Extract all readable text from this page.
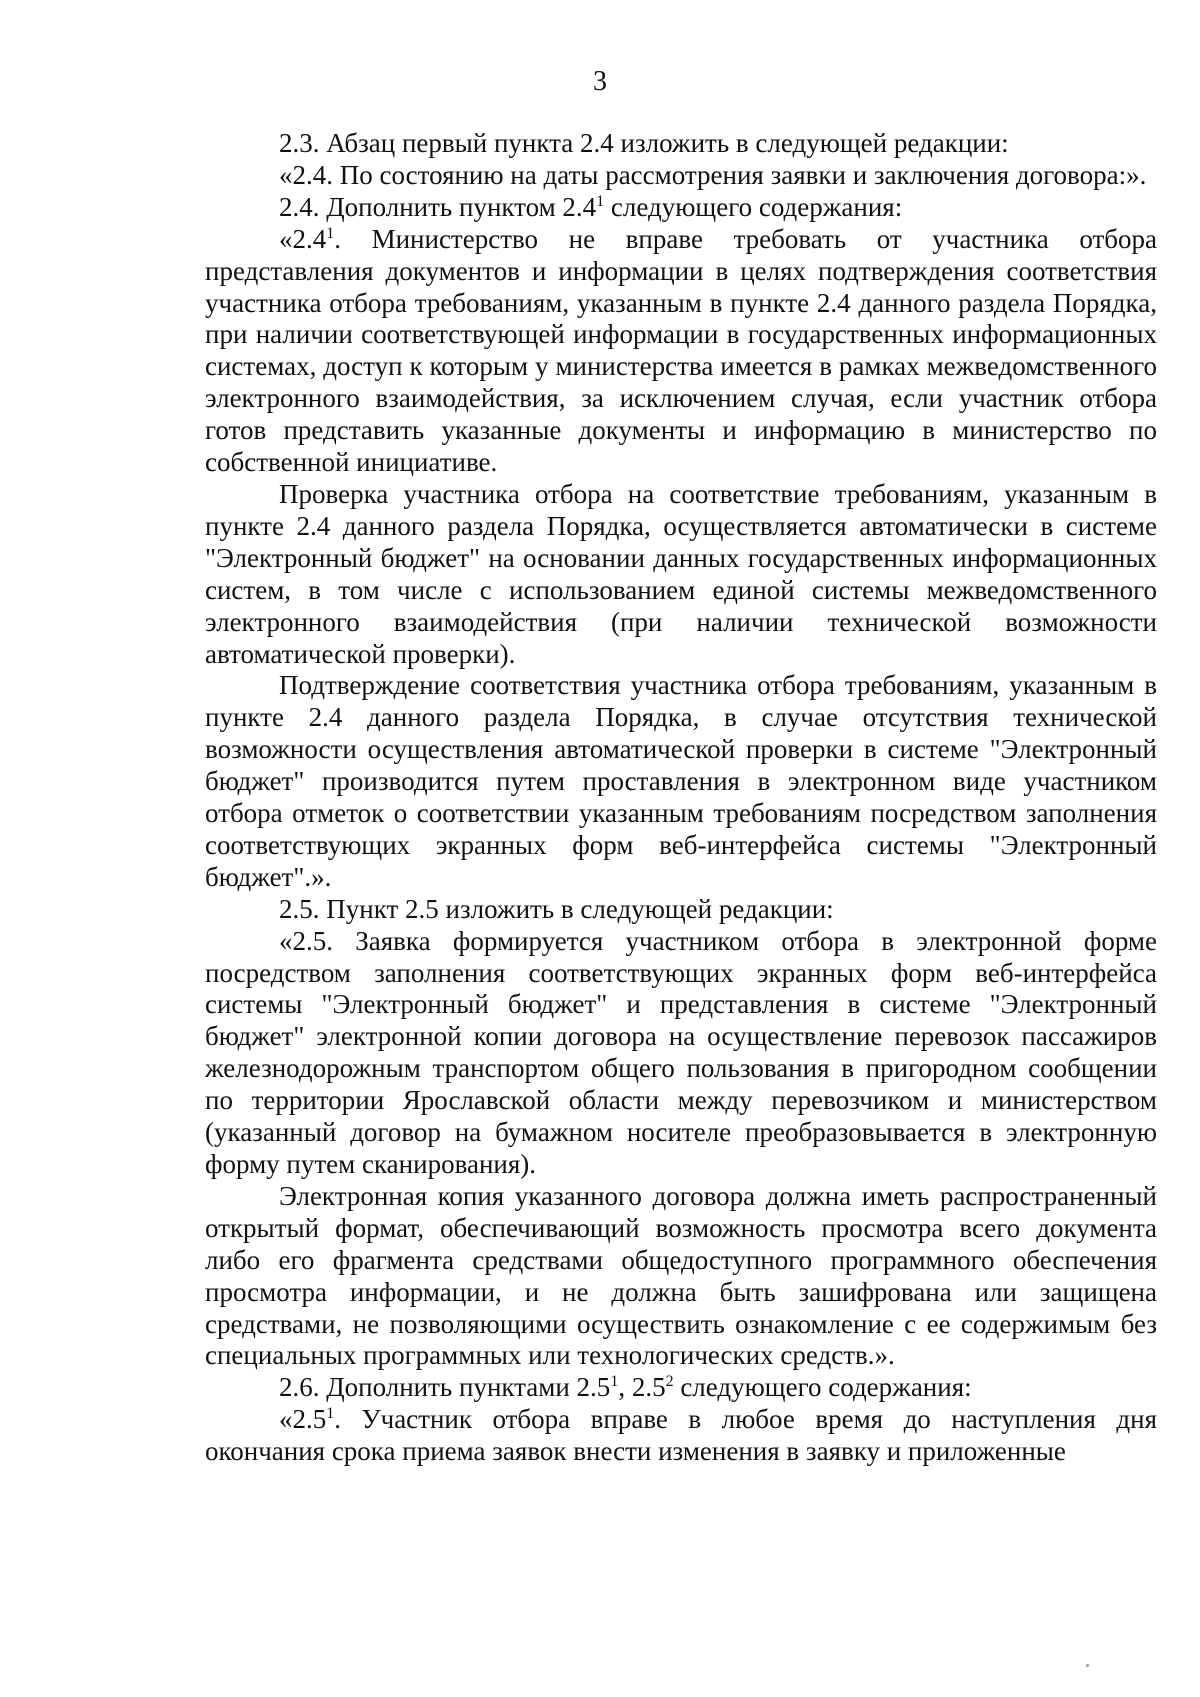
3

2.3. Абзац первый пункта 2.4 изложить в следующей редакции:

«2.4. По состоянию на даты рассмотрения заявки и заключения договора:».

2.4. Дополнить пунктом $2.4^1$ следующего содержания:

«$2.4^1$. Министерство не вправе требовать от участника отбора представления документов и информации в целях подтверждения соответствия участника отбора требованиям, указанным в пункте 2.4 данного раздела Порядка, при наличии соответствующей информации в государственных информационных системах, доступ к которым у министерства имеется в рамках межведомственного электронного взаимодействия, за исключением случая, если участник отбора готов представить указанные документы и информацию в министерство по собственной инициативе.

Проверка участника отбора на соответствие требованиям, указанным в пункте 2.4 данного раздела Порядка, осуществляется автоматически в системе "Электронный бюджет" на основании данных государственных информационных систем, в том числе с использованием единой системы межведомственного электронного взаимодействия (при наличии технической возможности автоматической проверки).

Подтверждение соответствия участника отбора требованиям, указанным в пункте 2.4 данного раздела Порядка, в случае отсутствия технической возможности осуществления автоматической проверки в системе "Электронный бюджет" производится путем проставления в электронном виде участником отбора отметок о соответствии указанным требованиям посредством заполнения соответствующих экранных форм веб-интерфейса системы "Электронный бюджет".».

2.5. Пункт 2.5 изложить в следующей редакции:

«2.5. Заявка формируется участником отбора в электронной форме посредством заполнения соответствующих экранных форм веб-интерфейса системы "Электронный бюджет" и представления в системе "Электронный бюджет" электронной копии договора на осуществление перевозок пассажиров железнодорожным транспортом общего пользования в пригородном сообщении по территории Ярославской области между перевозчиком и министерством (указанный договор на бумажном носителе преобразовывается в электронную форму путем сканирования).

Электронная копия указанного договора должна иметь распространенный открытый формат, обеспечивающий возможность просмотра всего документа либо его фрагмента средствами общедоступного программного обеспечения просмотра информации, и не должна быть зашифрована или защищена средствами, не позволяющими осуществить ознакомление с ее содержимым без специальных программных или технологических средств.».

2.6. Дополнить пунктами $2.5^1$, $2.5^2$ следующего содержания:

«$2.5^1$. Участник отбора вправе в любое время до наступления дня окончания срока приема заявок внести изменения в заявку и приложенные
